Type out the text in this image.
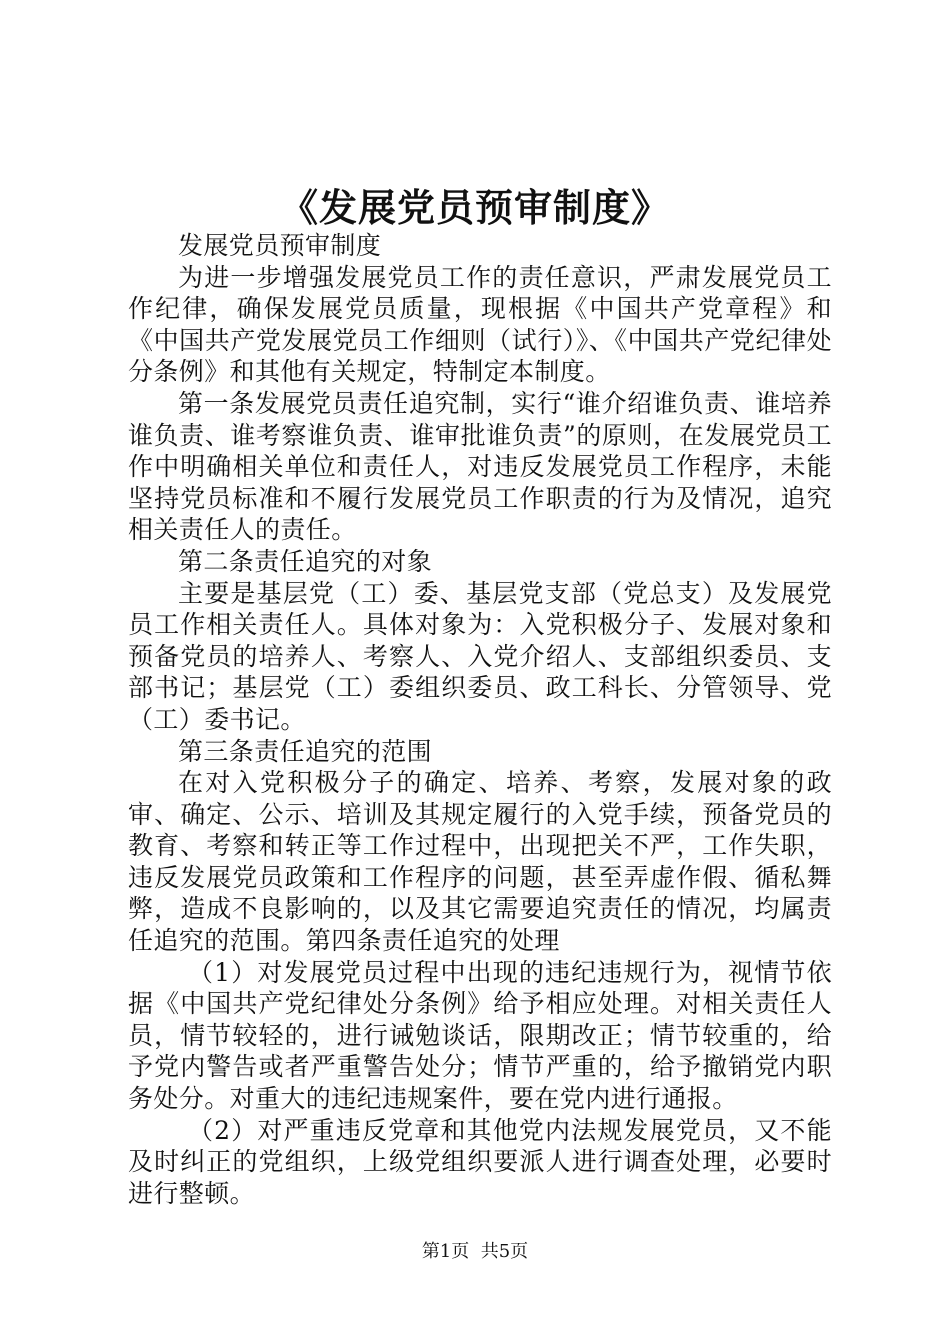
《发展党员预审制度》

发展党员预审制度

为进一步增强发展党员工作的责任意识，严肃发展党员工作纪律，确保发展党员质量，现根据《中国共产党章程》和《中国共产党发展党员工作细则（试行）》、《中国共产党纪律处分条例》和其他有关规定，特制定本制度。

第一条发展党员责任追究制，实行“谁介绍谁负责、谁培养谁负责、谁考察谁负责、谁审批谁负责”的原则，在发展党员工作中明确相关单位和责任人，对违反发展党员工作程序，未能坚持党员标准和不履行发展党员工作职责的行为及情况，追究相关责任人的责任。

第二条责任追究的对象

主要是基层党（工）委、基层党支部（党总支）及发展党员工作相关责任人。具体对象为：入党积极分子、发展对象和预备党员的培养人、考察人、入党介绍人、支部组织委员、支部书记；基层党（工）委组织委员、政工科长、分管领导、党（工）委书记。

第三条责任追究的范围

在对入党积极分子的确定、培养、考察，发展对象的政审、确定、公示、培训及其规定履行的入党手续，预备党员的教育、考察和转正等工作过程中，出现把关不严，工作失职，违反发展党员政策和工作程序的问题，甚至弄虚作假、循私舞弊，造成不良影响的，以及其它需要追究责任的情况，均属责任追究的范围。第四条责任追究的处理

（1）对发展党员过程中出现的违纪违规行为，视情节依据《中国共产党纪律处分条例》给予相应处理。对相关责任人员，情节较轻的，进行诫勉谈话，限期改正；情节较重的，给予党内警告或者严重警告处分；情节严重的，给予撤销党内职务处分。对重大的违纪违规案件，要在党内进行通报。

（2）对严重违反党章和其他党内法规发展党员，又不能及时纠正的党组织，上级党组织要派人进行调查处理，必要时进行整顿。

第1页 共5页
